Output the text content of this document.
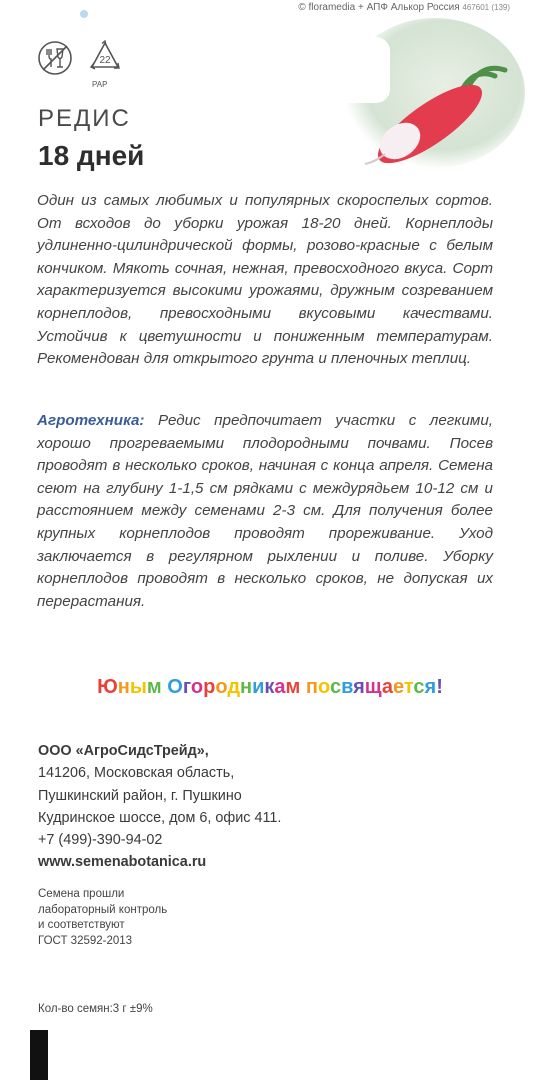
© floramedia + АПФ Алькор Россия 467601 (139)
22
PAP
РЕДИС
18 дней
Один из самых любимых и популярных скороспелых сортов. От всходов до уборки урожая 18-20 дней. Корнеплоды удлиненно-цилиндрической формы, розово-красные с белым кончиком. Мякоть сочная, нежная, превосходного вкуса. Сорт характеризуется высокими урожаями, дружным созреванием корнеплодов, превосходными вкусовыми качествами. Устойчив к цветушности и пониженным температурам. Рекомендован для открытого грунта и пленочных теплиц.
Агротехника: Редис предпочитает участки с легкими, хорошо прогреваемыми плодородными почвами. Посев проводят в несколько сроков, начиная с конца апреля. Семена сеют на глубину 1-1,5 см рядками с междурядьем 10-12 см и расстоянием между семенами 2-3 см. Для получения более крупных корнеплодов проводят прореживание. Уход заключается в регулярном рыхлении и поливе. Уборку корнеплодов проводят в несколько сроков, не допуская их перерастания.
Юным Огородникам посвящается!
ООО «АгроСидсТрейд»,
141206, Московская область,
Пушкинский район, г. Пушкино
Кудринское шоссе, дом 6, офис 411.
+7 (499)-390-94-02
www.semenabotanica.ru
Семена прошли
лабораторный контроль
и соответствуют
ГОСТ 32592-2013
Кол-во семян:3 г ±9%
